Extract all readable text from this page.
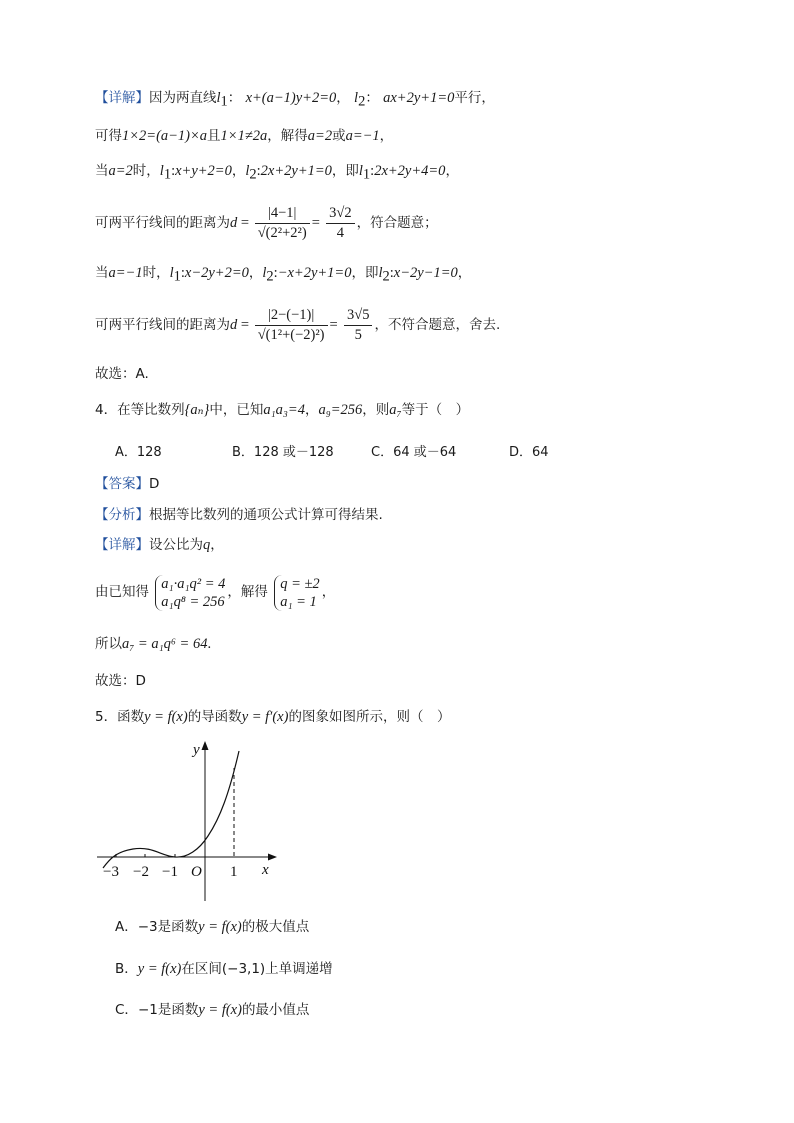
【详解】因为两直线$l_1$： x+(a−1)y+2=0， $l_2$： ax+2y+1=0平行，
可得1×2=(a−1)×a且1×1≠2a，解得a=2或a=−1，
当a=2时，$l_1:x+y+2=0$，$l_2:2x+2y+1=0$，即$l_1:2x+2y+4=0$，
可两平行线间的距离为$d = \frac{|4-1|}{\text{√(2²+2²)}} = \frac{3√2}{4}$ ，符合题意；
当a=−1时，$l_1:x-2y+2=0$，$l_2:-x+2y+1=0$，即$l_2:x-2y-1=0$，
可两平行线间的距离为$d = \frac{|2-(-1)|}{\text{√(1²+(−2)²)}} = \frac{3√5}{5}$ ，不符合题意，舍去.
故选：A.
4．在等比数列{aₙ}中，已知a₁a₃=4，a₉=256，则a₇等于（　）
A．128	B．128 或－128	C．64 或－64	D．64
【答案】D
【分析】根据等比数列的通项公式计算可得结果.
【详解】设公比为q，
由已知得
a₁·a₁q² = 4
a₁q⁸ = 256
，解得
q = ±2
a₁ = 1
，
所以a₇ = a₁q⁶ = 64.
故选：D
5．函数y = f(x)的导函数y = f′(x)的图象如图所示，则（　）
y
x
O
−3 −2 −1	1
A．−3是函数y = f(x)的极大值点
B．y = f(x)在区间(−3,1)上单调递增
C．−1是函数y = f(x)的最小值点
